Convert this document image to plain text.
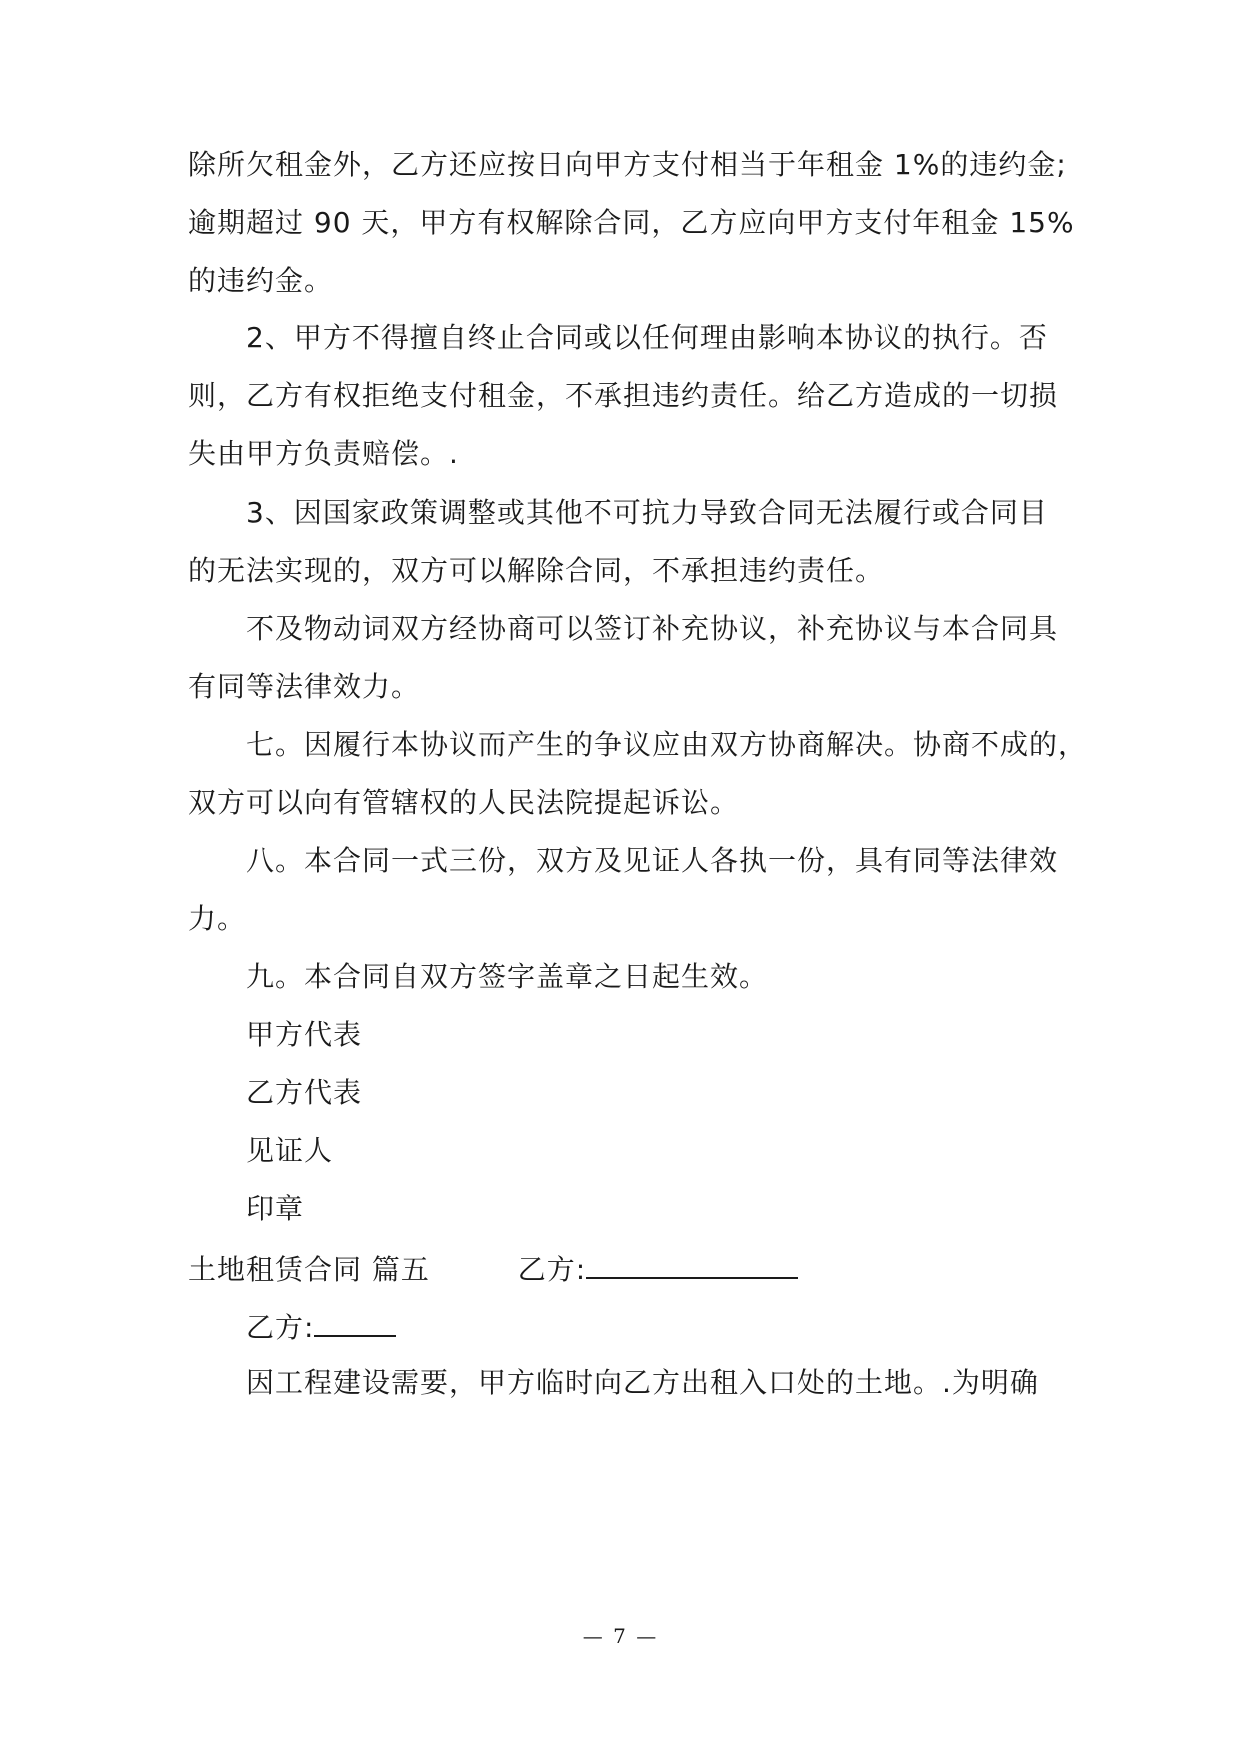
除所欠租金外，乙方还应按日向甲方支付相当于年租金 1%的违约金;
逾期超过 90 天，甲方有权解除合同，乙方应向甲方支付年租金 15%
的违约金。
2、甲方不得擅自终止合同或以任何理由影响本协议的执行。否
则，乙方有权拒绝支付租金，不承担违约责任。给乙方造成的一切损
失由甲方负责赔偿。.
3、因国家政策调整或其他不可抗力导致合同无法履行或合同目
的无法实现的，双方可以解除合同，不承担违约责任。
不及物动词双方经协商可以签订补充协议，补充协议与本合同具
有同等法律效力。
七。因履行本协议而产生的争议应由双方协商解决。协商不成的，
双方可以向有管辖权的人民法院提起诉讼。
八。本合同一式三份，双方及见证人各执一份，具有同等法律效
力。
九。本合同自双方签字盖章之日起生效。
甲方代表
乙方代表
见证人
印章
土地租赁合同 篇五	乙方:
乙方:
因工程建设需要，甲方临时向乙方出租入口处的土地。.为明确
— 7 —
